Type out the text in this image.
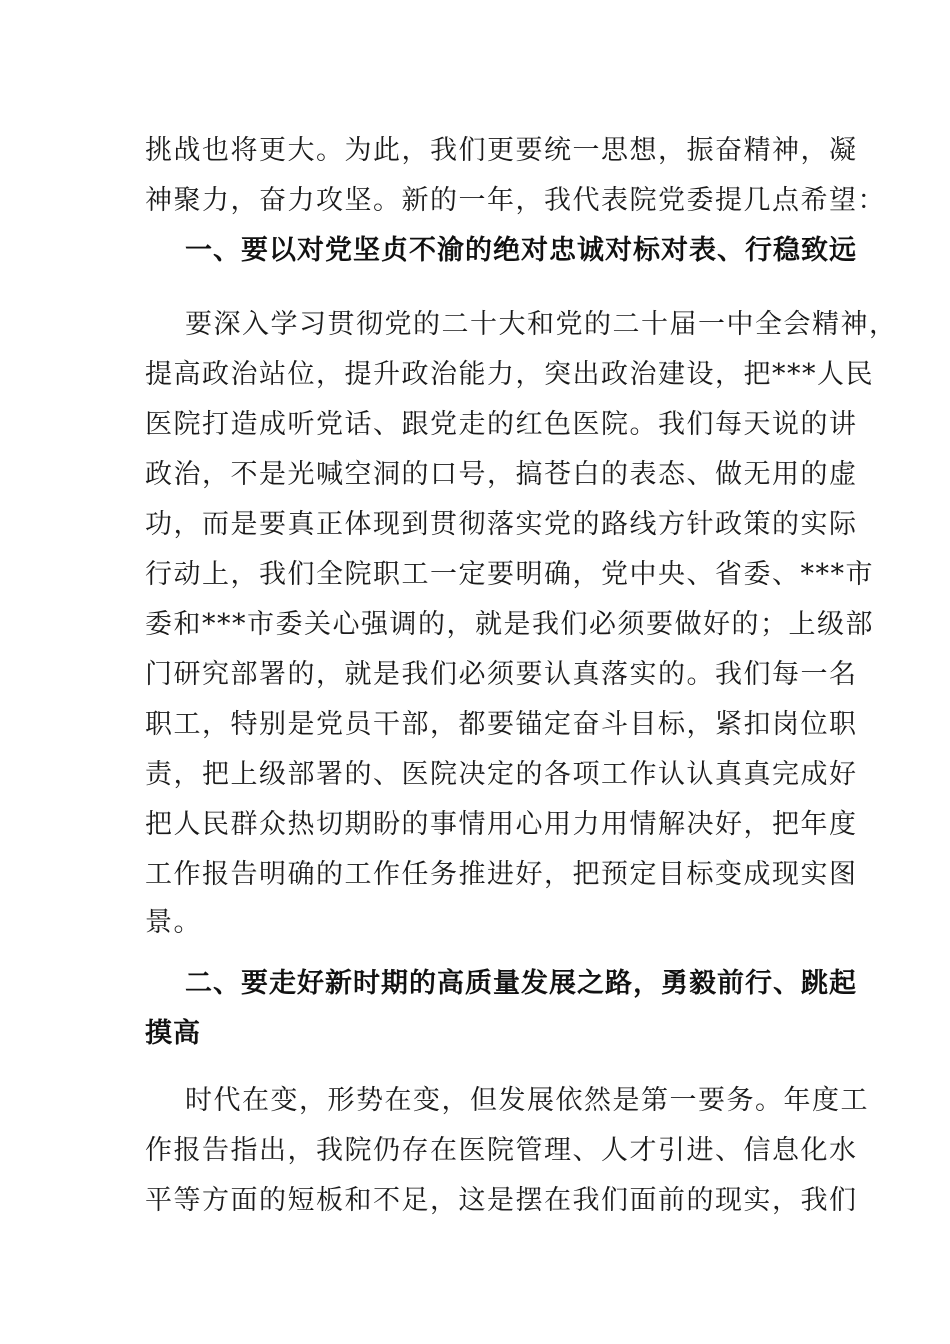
挑战也将更大。为此，我们更要统一思想，振奋精神，凝
神聚力，奋力攻坚。新的一年，我代表院党委提几点希望：
一、要以对党坚贞不渝的绝对忠诚对标对表、行稳致远
要深入学习贯彻党的二十大和党的二十届一中全会精神，
提高政治站位，提升政治能力，突出政治建设，把***人民
医院打造成听党话、跟党走的红色医院。我们每天说的讲
政治，不是光喊空洞的口号，搞苍白的表态、做无用的虚
功，而是要真正体现到贯彻落实党的路线方针政策的实际
行动上，我们全院职工一定要明确，党中央、省委、***市
委和***市委关心强调的，就是我们必须要做好的；上级部
门研究部署的，就是我们必须要认真落实的。我们每一名
职工，特别是党员干部，都要锚定奋斗目标，紧扣岗位职
责，把上级部署的、医院决定的各项工作认认真真完成好
把人民群众热切期盼的事情用心用力用情解决好，把年度
工作报告明确的工作任务推进好，把预定目标变成现实图
景。
二、要走好新时期的高质量发展之路，勇毅前行、跳起
摸高
时代在变，形势在变，但发展依然是第一要务。年度工
作报告指出，我院仍存在医院管理、人才引进、信息化水
平等方面的短板和不足，这是摆在我们面前的现实，我们
